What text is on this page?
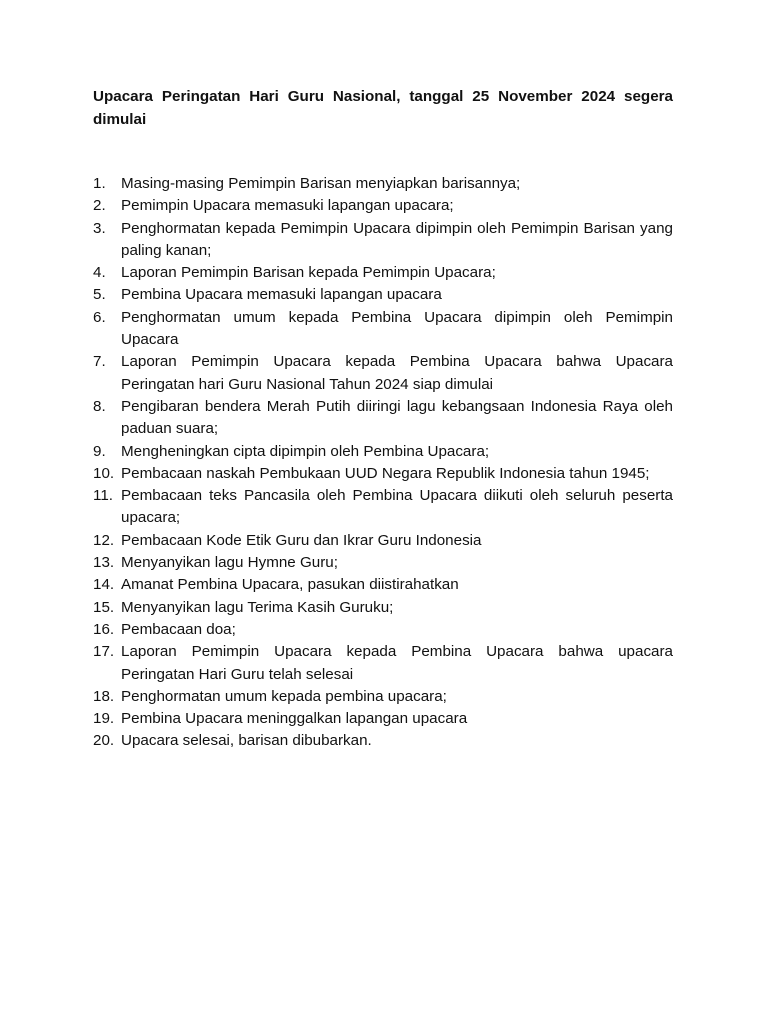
Upacara Peringatan Hari Guru Nasional, tanggal 25 November 2024 segera dimulai

1. Masing-masing Pemimpin Barisan menyiapkan barisannya;
2. Pemimpin Upacara memasuki lapangan upacara;
3. Penghormatan kepada Pemimpin Upacara dipimpin oleh Pemimpin Barisan yang paling kanan;
4. Laporan Pemimpin Barisan kepada Pemimpin Upacara;
5. Pembina Upacara memasuki lapangan upacara
6. Penghormatan umum kepada Pembina Upacara dipimpin oleh Pemimpin Upacara
7. Laporan Pemimpin Upacara kepada Pembina Upacara bahwa Upacara Peringatan hari Guru Nasional Tahun 2024 siap dimulai
8. Pengibaran bendera Merah Putih diiringi lagu kebangsaan Indonesia Raya oleh paduan suara;
9. Mengheningkan cipta dipimpin oleh Pembina Upacara;
10. Pembacaan naskah Pembukaan UUD Negara Republik Indonesia tahun 1945;
11. Pembacaan teks Pancasila oleh Pembina Upacara diikuti oleh seluruh peserta upacara;
12. Pembacaan Kode Etik Guru dan Ikrar Guru Indonesia
13. Menyanyikan lagu Hymne Guru;
14. Amanat Pembina Upacara, pasukan diistirahatkan
15. Menyanyikan lagu Terima Kasih Guruku;
16. Pembacaan doa;
17. Laporan Pemimpin Upacara kepada Pembina Upacara bahwa upacara Peringatan Hari Guru telah selesai
18. Penghormatan umum kepada pembina upacara;
19. Pembina Upacara meninggalkan lapangan upacara
20. Upacara selesai, barisan dibubarkan.
